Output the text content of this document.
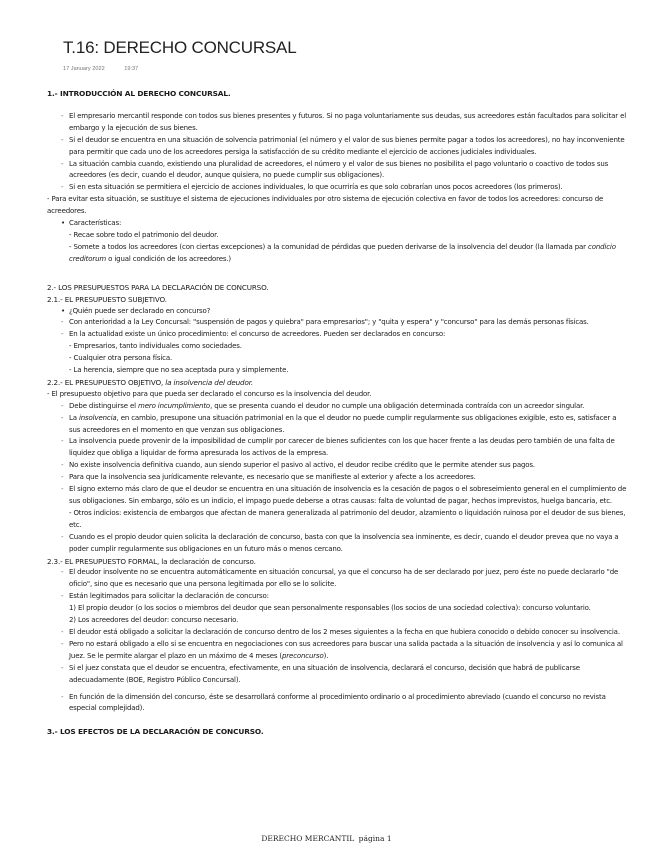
T.16: DERECHO CONCURSAL
17 January 2022	19:37
1.- INTRODUCCIÓN AL DERECHO CONCURSAL.
- El empresario mercantil responde con todos sus bienes presentes y futuros. Si no paga voluntariamente sus deudas, sus acreedores están facultados para solicitar el embargo y la ejecución de sus bienes.
- Si el deudor se encuentra en una situación de solvencia patrimonial (el número y el valor de sus bienes permite pagar a todos los acreedores), no hay inconveniente para permitir que cada uno de los acreedores persiga la satisfacción de su crédito mediante el ejercicio de acciones judiciales individuales.
- La situación cambia cuando, existiendo una pluralidad de acreedores, el número y el valor de sus bienes no posibilita el pago voluntario o coactivo de todos sus acreedores (es decir, cuando el deudor, aunque quisiera, no puede cumplir sus obligaciones).
- Si en esta situación se permitiera el ejercicio de acciones individuales, lo que ocurriría es que solo cobrarían unos pocos acreedores (los primeros).
- Para evitar esta situación, se sustituye el sistema de ejecuciones individuales por otro sistema de ejecución colectiva en favor de todos los acreedores: concurso de acreedores.
• Características:
- Recae sobre todo el patrimonio del deudor.
- Somete a todos los acreedores (con ciertas excepciones) a la comunidad de pérdidas que pueden derivarse de la insolvencia del deudor (la llamada par condicio creditorum o igual condición de los acreedores.)
2.- LOS PRESUPUESTOS PARA LA DECLARACIÓN DE CONCURSO.
2.1.- EL PRESUPUESTO SUBJETIVO.
• ¿Quién puede ser declarado en concurso?
- Con anterioridad a la Ley Concursal: "suspensión de pagos y quiebra" para empresarios"; y "quita y espera" y "concurso" para las demás personas físicas.
- En la actualidad existe un único procedimiento: el concurso de acreedores. Pueden ser declarados en concurso:
- Empresarios, tanto individuales como sociedades.
- Cualquier otra persona física.
- La herencia, siempre que no sea aceptada pura y simplemente.
2.2.- EL PRESUPUESTO OBJETIVO, la insolvencia del deudor.
- El presupuesto objetivo para que pueda ser declarado el concurso es la insolvencia del deudor.
- Debe distinguirse el mero incumplimiento, que se presenta cuando el deudor no cumple una obligación determinada contraída con un acreedor singular.
- La insolvencia, en cambio, presupone una situación patrimonial en la que el deudor no puede cumplir regularmente sus obligaciones exigible, esto es, satisfacer a sus acreedores en el momento en que venzan sus obligaciones.
- La insolvencia puede provenir de la imposibilidad de cumplir por carecer de bienes suficientes con los que hacer frente a las deudas pero también de una falta de liquidez que obliga a liquidar de forma apresurada los activos de la empresa.
- No existe insolvencia definitiva cuando, aun siendo superior el pasivo al activo, el deudor recibe crédito que le permite atender sus pagos.
- Para que la insolvencia sea jurídicamente relevante, es necesario que se manifieste al exterior y afecte a los acreedores.
- El signo externo más claro de que el deudor se encuentra en una situación de insolvencia es la cesación de pagos o el sobreseimiento general en el cumplimiento de sus obligaciones. Sin embargo, sólo es un indicio, el impago puede deberse a otras causas: falta de voluntad de pagar, hechos imprevistos, huelga bancaria, etc.
- Otros indicios: existencia de embargos que afectan de manera generalizada al patrimonio del deudor, alzamiento o liquidación ruinosa por el deudor de sus bienes, etc.
- Cuando es el propio deudor quien solicita la declaración de concurso, basta con que la insolvencia sea inminente, es decir, cuando el deudor prevea que no vaya a poder cumplir regularmente sus obligaciones en un futuro más o menos cercano.
2.3.- EL PRESUPUESTO FORMAL, la declaración de concurso.
- El deudor insolvente no se encuentra automáticamente en situación concursal, ya que el concurso ha de ser declarado por juez, pero éste no puede declararlo "de oficio", sino que es necesario que una persona legitimada por ello se lo solicite.
- Están legitimados para solicitar la declaración de concurso:
1) El propio deudor (o los socios o miembros del deudor que sean personalmente responsables (los socios de una sociedad colectiva): concurso voluntario.
2) Los acreedores del deudor: concurso necesario.
- El deudor está obligado a solicitar la declaración de concurso dentro de los 2 meses siguientes a la fecha en que hubiera conocido o debido conocer su insolvencia.
- Pero no estará obligado a ello si se encuentra en negociaciones con sus acreedores para buscar una salida pactada a la situación de insolvencia y así lo comunica al Juez. Se le permite alargar el plazo en un máximo de 4 meses (preconcurso).
- Si el juez constata que el deudor se encuentra, efectivamente, en una situación de insolvencia, declarará el concurso, decisión que habrá de publicarse adecuadamente (BOE, Registro Público Concursal).
- En función de la dimensión del concurso, éste se desarrollará conforme al procedimiento ordinario o al procedimiento abreviado (cuando el concurso no revista especial complejidad).
3.- LOS EFECTOS DE LA DECLARACIÓN DE CONCURSO.
DERECHO MERCANTIL página 1
